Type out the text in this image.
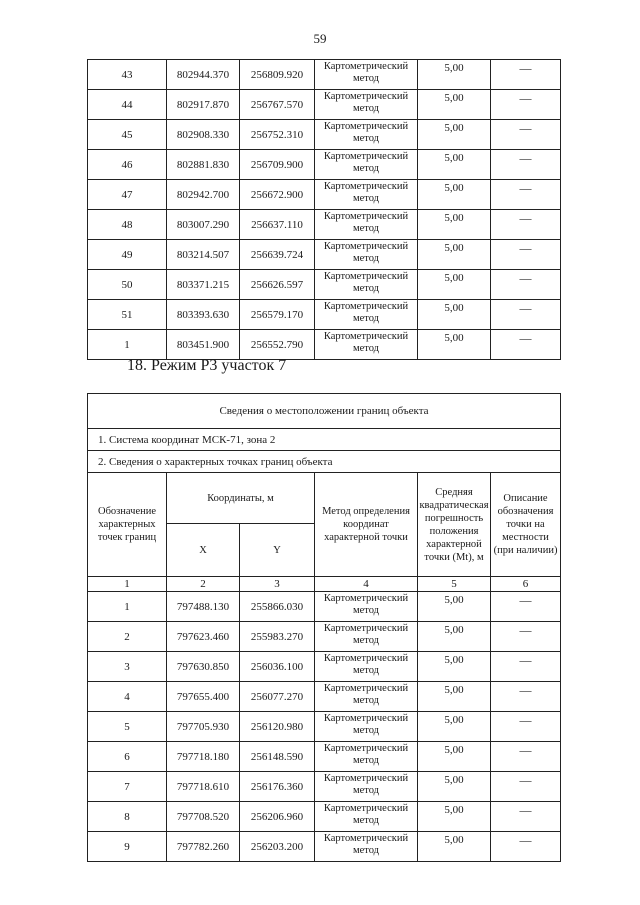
59
43	802944.370	256809.920	Картометрический метод	5,00	—
44	802917.870	256767.570	Картометрический метод	5,00	—
45	802908.330	256752.310	Картометрический метод	5,00	—
46	802881.830	256709.900	Картометрический метод	5,00	—
47	802942.700	256672.900	Картометрический метод	5,00	—
48	803007.290	256637.110	Картометрический метод	5,00	—
49	803214.507	256639.724	Картометрический метод	5,00	—
50	803371.215	256626.597	Картометрический метод	5,00	—
51	803393.630	256579.170	Картометрический метод	5,00	—
1	803451.900	256552.790	Картометрический метод	5,00	—
18. Режим Р3 участок 7
Сведения о местоположении границ объекта					
1. Система координат МСК-71, зона 2					
2. Сведения о характерных точках границ объекта					
Обозначение характерных точек границ	Координаты, м		Метод определения координат характерной точки	Средняя квадратическая погрешность положения характерной точки (Mt), м	Описание обозначения точки на местности (при наличии)
	X	Y			
1	2	3	4	5	6
1	797488.130	255866.030	Картометрический метод	5,00	—
2	797623.460	255983.270	Картометрический метод	5,00	—
3	797630.850	256036.100	Картометрический метод	5,00	—
4	797655.400	256077.270	Картометрический метод	5,00	—
5	797705.930	256120.980	Картометрический метод	5,00	—
6	797718.180	256148.590	Картометрический метод	5,00	—
7	797718.610	256176.360	Картометрический метод	5,00	—
8	797708.520	256206.960	Картометрический метод	5,00	—
9	797782.260	256203.200	Картометрический метод	5,00	—
